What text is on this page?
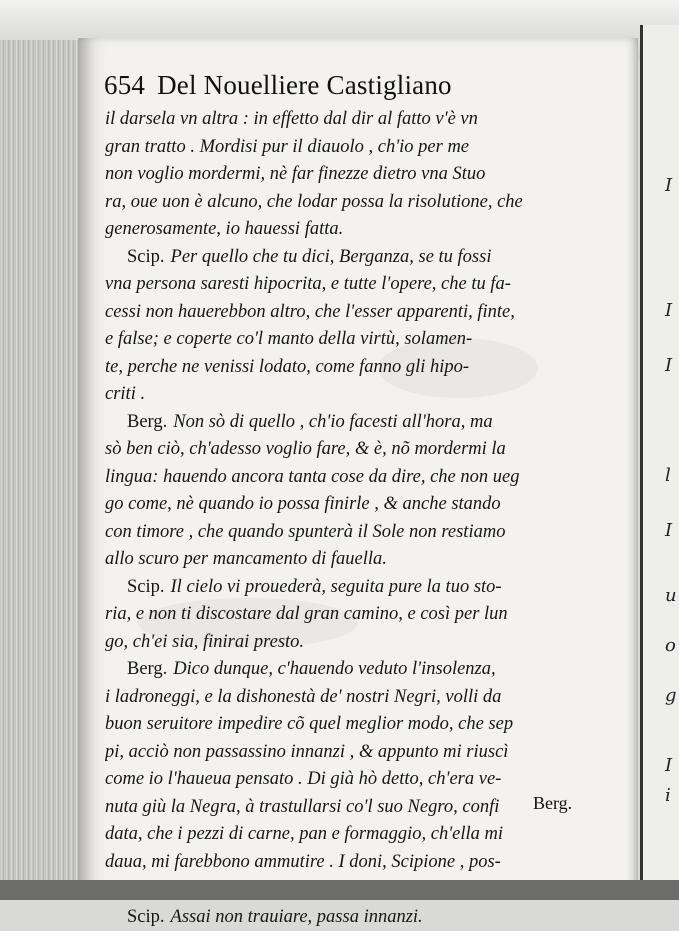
I
I
I
l
I
u
o
g
I
i
654 Del Nouelliere Castigliano
il darsela vn altra : in effetto dal dir al fatto v'è vn
gran tratto . Mordisi pur il diauolo , ch'io per me
non voglio mordermi, nè far finezze dietro vna Stuo
ra, oue uon è alcuno, che lodar possa la risolutione, che
generosamente, io hauessi fatta.
Scip. Per quello che tu dici, Berganza, se tu fossi
vna persona saresti hipocrita, e tutte l'opere, che tu fa-
cessi non hauerebbon altro, che l'esser apparenti, finte,
e false; e coperte co'l manto della virtù, solamen-
te, perche ne venissi lodato, come fanno gli hipo-
criti .
Berg. Non sò di quello , ch'io facesti all'hora, ma
sò ben ciò, ch'adesso voglio fare, & è, nõ mordermi la
lingua: hauendo ancora tanta cose da dire, che non ueg
go come, nè quando io possa finirle , & anche stando
con timore , che quando spunterà il Sole non restiamo
allo scuro per mancamento di fauella.
Scip. Il cielo vi prouederà, seguita pure la tuo sto-
ria, e non ti discostare dal gran camino, e così per lun
go, ch'ei sia, finirai presto.
Berg. Dico dunque, c'hauendo veduto l'insolenza,
i ladroneggi, e la dishonestà de' nostri Negri, volli da
buon seruitore impedire cõ quel meglior modo, che sep
pi, acciò non passassino innanzi , & appunto mi riuscì
come io l'haueua pensato . Di già hò detto, ch'era ve-
nuta giù la Negra, à trastullarsi co'l suo Negro, confi
data, che i pezzi di carne, pan e formaggio, ch'ella mi
daua, mi farebbono ammutire . I doni, Scipione , pos-
Scip. Assai non trauiare, passa innanzi.
Berg.
